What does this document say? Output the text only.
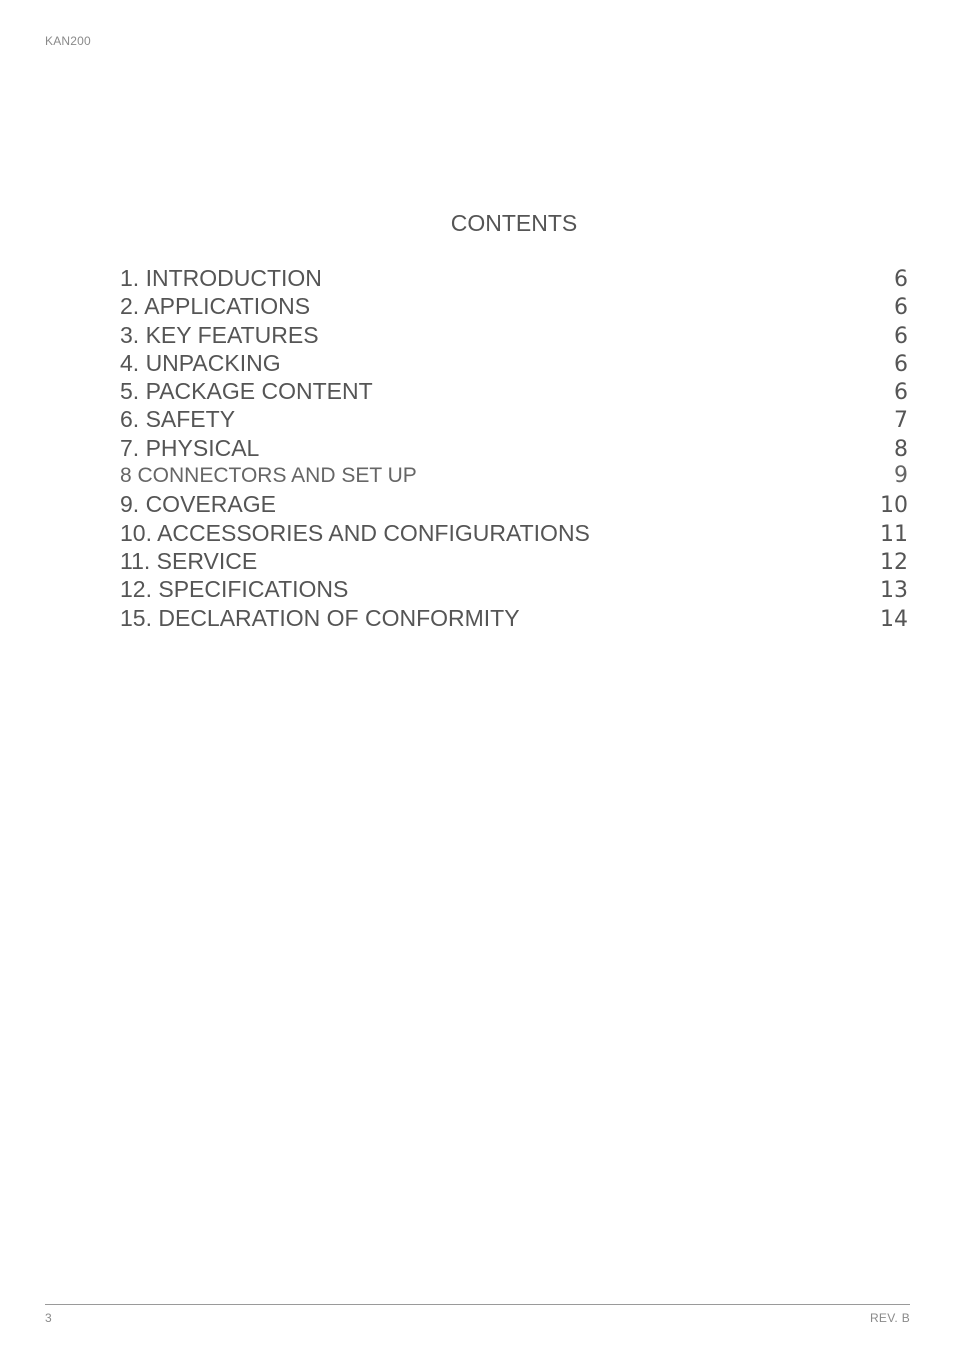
KAN200
CONTENTS
1. INTRODUCTION	6
2. APPLICATIONS	6
3. KEY FEATURES	6
4. UNPACKING	6
5. PACKAGE CONTENT	6
6. SAFETY	7
7. PHYSICAL	8
8 CONNECTORS AND SET UP	9
9. COVERAGE	10
10. ACCESSORIES AND CONFIGURATIONS	11
11. SERVICE	12
12. SPECIFICATIONS	13
15. DECLARATION OF CONFORMITY	14
3	REV. B
